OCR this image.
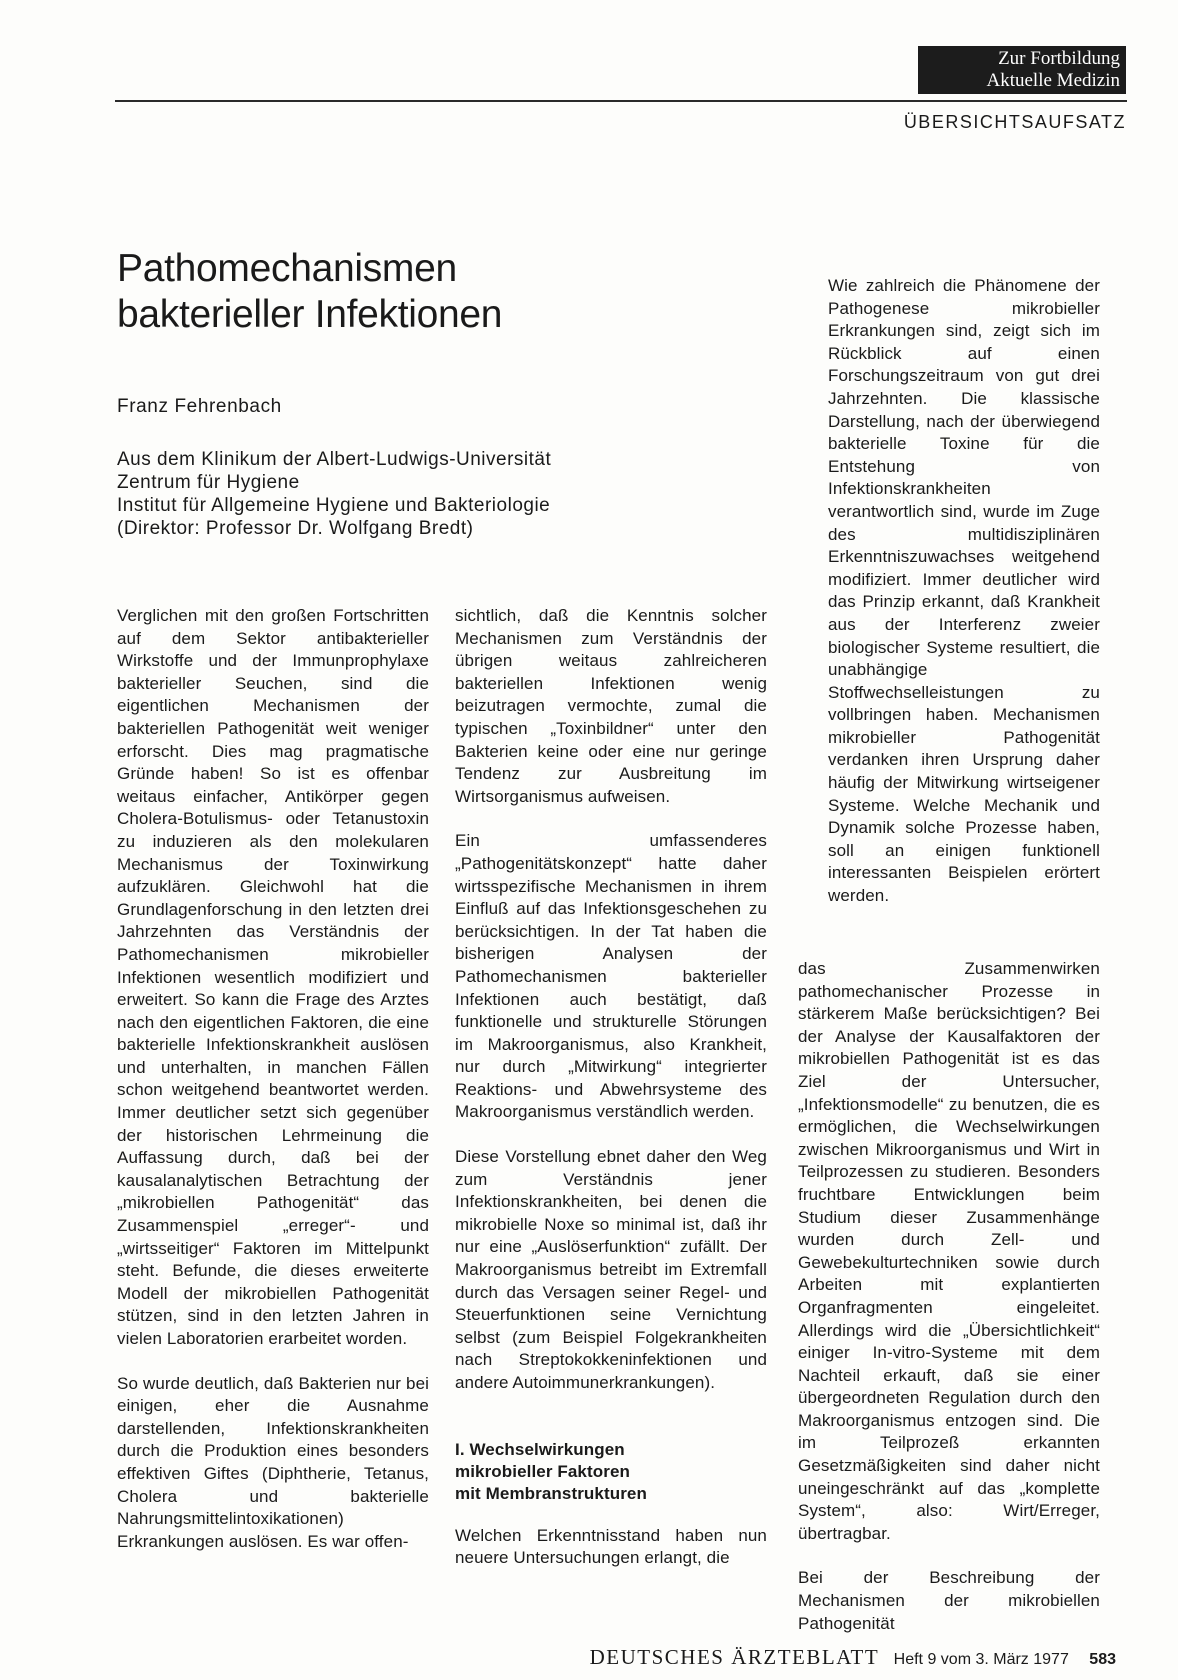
Zur Fortbildung
Aktuelle Medizin
ÜBERSICHTSAUFSATZ
Pathomechanismen
bakterieller Infektionen
Franz Fehrenbach
Aus dem Klinikum der Albert-Ludwigs-Universität
Zentrum für Hygiene
Institut für Allgemeine Hygiene und Bakteriologie
(Direktor: Professor Dr. Wolfgang Bredt)

Wie zahlreich die Phänomene der Pathogenese mikrobieller Erkrankungen sind, zeigt sich im Rückblick auf einen Forschungszeitraum von gut drei Jahrzehnten. Die klassische Darstellung, nach der überwiegend bakterielle Toxine für die Entstehung von Infektionskrankheiten verantwortlich sind, wurde im Zuge des multidisziplinären Erkenntniszuwachses weitgehend modifiziert. Immer deutlicher wird das Prinzip erkannt, daß Krankheit aus der Interferenz zweier biologischer Systeme resultiert, die unabhängige Stoffwechselleistungen zu vollbringen haben. Mechanismen mikrobieller Pathogenität verdanken ihren Ursprung daher häufig der Mitwirkung wirtseigener Systeme. Welche Mechanik und Dynamik solche Prozesse haben, soll an einigen funktionell interessanten Beispielen erörtert werden.

Verglichen mit den großen Fortschritten auf dem Sektor antibakterieller Wirkstoffe und der Immunprophylaxe bakterieller Seuchen, sind die eigentlichen Mechanismen der bakteriellen Pathogenität weit weniger erforscht. Dies mag pragmatische Gründe haben! So ist es offenbar weitaus einfacher, Antikörper gegen Cholera-Botulismus- oder Tetanustoxin zu induzieren als den molekularen Mechanismus der Toxinwirkung aufzuklären. Gleichwohl hat die Grundlagenforschung in den letzten drei Jahrzehnten das Verständnis der Pathomechanismen mikrobieller Infektionen wesentlich modifiziert und erweitert. So kann die Frage des Arztes nach den eigentlichen Faktoren, die eine bakterielle Infektionskrankheit auslösen und unterhalten, in manchen Fällen schon weitgehend beantwortet werden. Immer deutlicher setzt sich gegenüber der historischen Lehrmeinung die Auffassung durch, daß bei der kausalanalytischen Betrachtung der „mikrobiellen Pathogenität“ das Zusammenspiel „erreger“- und „wirtsseitiger“ Faktoren im Mittelpunkt steht. Befunde, die dieses erweiterte Modell der mikrobiellen Pathogenität stützen, sind in den letzten Jahren in vielen Laboratorien erarbeitet worden.

So wurde deutlich, daß Bakterien nur bei einigen, eher die Ausnahme darstellenden, Infektionskrankheiten durch die Produktion eines besonders effektiven Giftes (Diphtherie, Tetanus, Cholera und bakterielle Nahrungsmittelintoxikationen) Erkrankungen auslösen. Es war offen-

sichtlich, daß die Kenntnis solcher Mechanismen zum Verständnis der übrigen weitaus zahlreicheren bakteriellen Infektionen wenig beizutragen vermochte, zumal die typischen „Toxinbildner“ unter den Bakterien keine oder eine nur geringe Tendenz zur Ausbreitung im Wirtsorganismus aufweisen.

Ein umfassenderes „Pathogenitätskonzept“ hatte daher wirtsspezifische Mechanismen in ihrem Einfluß auf das Infektionsgeschehen zu berücksichtigen. In der Tat haben die bisherigen Analysen der Pathomechanismen bakterieller Infektionen auch bestätigt, daß funktionelle und strukturelle Störungen im Makroorganismus, also Krankheit, nur durch „Mitwirkung“ integrierter Reaktions- und Abwehrsysteme des Makroorganismus verständlich werden.

Diese Vorstellung ebnet daher den Weg zum Verständnis jener Infektionskrankheiten, bei denen die mikrobielle Noxe so minimal ist, daß ihr nur eine „Auslöserfunktion“ zufällt. Der Makroorganismus betreibt im Extremfall durch das Versagen seiner Regel- und Steuerfunktionen seine Vernichtung selbst (zum Beispiel Folgekrankheiten nach Streptokokkeninfektionen und andere Autoimmunerkrankungen).

I. Wechselwirkungen
mikrobieller Faktoren
mit Membranstrukturen

Welchen Erkenntnisstand haben nun neuere Untersuchungen erlangt, die

das Zusammenwirken pathomechanischer Prozesse in stärkerem Maße berücksichtigen? Bei der Analyse der Kausalfaktoren der mikrobiellen Pathogenität ist es das Ziel der Untersucher, „Infektionsmodelle“ zu benutzen, die es ermöglichen, die Wechselwirkungen zwischen Mikroorganismus und Wirt in Teilprozessen zu studieren. Besonders fruchtbare Entwicklungen beim Studium dieser Zusammenhänge wurden durch Zell- und Gewebekulturtechniken sowie durch Arbeiten mit explantierten Organfragmenten eingeleitet. Allerdings wird die „Übersichtlichkeit“ einiger In-vitro-Systeme mit dem Nachteil erkauft, daß sie einer übergeordneten Regulation durch den Makroorganismus entzogen sind. Die im Teilprozeß erkannten Gesetzmäßigkeiten sind daher nicht uneingeschränkt auf das „komplette System“, also: Wirt/Erreger, übertragbar.

Bei der Beschreibung der Mechanismen der mikrobiellen Pathogenität

DEUTSCHES ÄRZTEBLATT Heft 9 vom 3. März 1977 583
